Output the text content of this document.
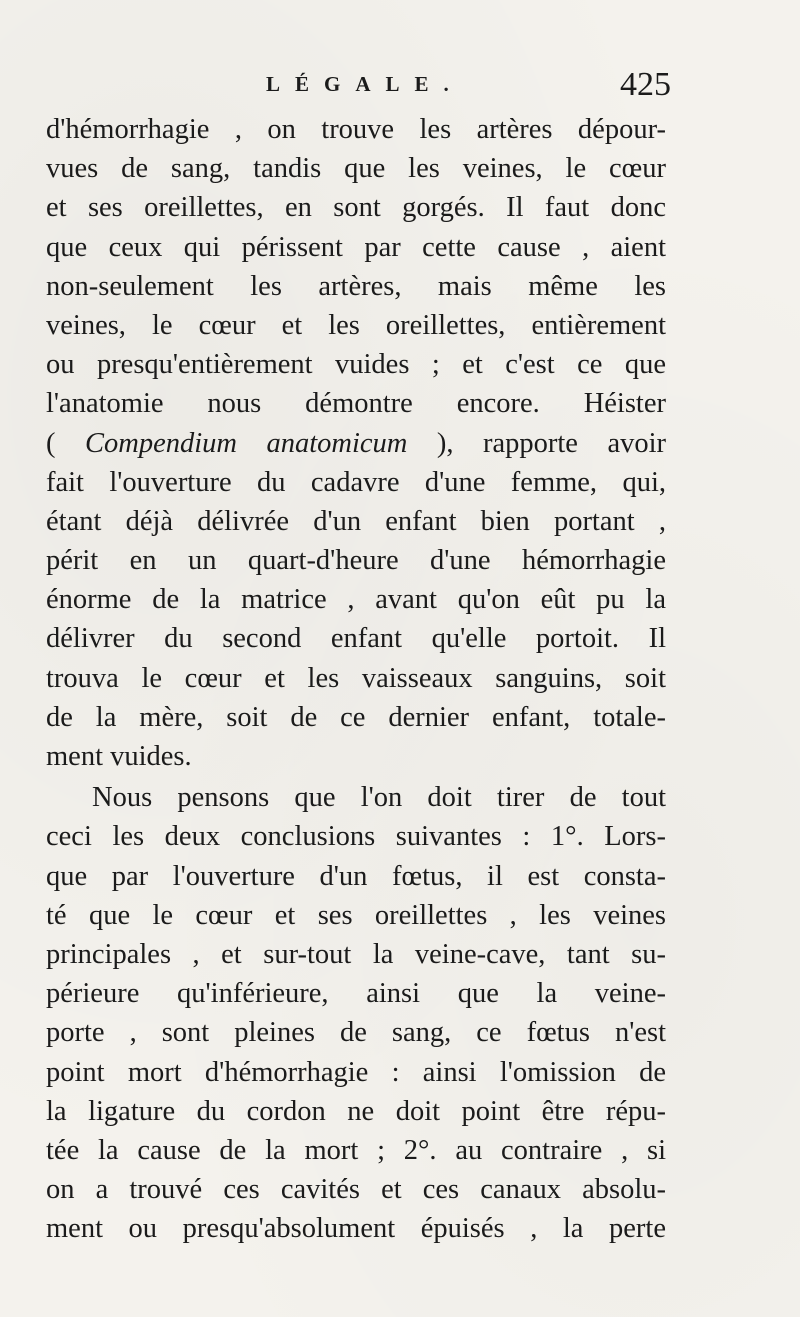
LÉGALE.	425
d'hémorrhagie , on trouve les artères dépour-
vues de sang, tandis que les veines, le cœur
et ses oreillettes, en sont gorgés. Il faut donc
que ceux qui périssent par cette cause , aient
non-seulement les artères, mais même les
veines, le cœur et les oreillettes, entièrement
ou presqu'entièrement vuides ; et c'est ce que
l'anatomie nous démontre encore. Héister
( Compendium anatomicum ), rapporte avoir
fait l'ouverture du cadavre d'une femme, qui,
étant déjà délivrée d'un enfant bien portant ,
périt en un quart-d'heure d'une hémorrhagie
énorme de la matrice , avant qu'on eût pu la
délivrer du second enfant qu'elle portoit. Il
trouva le cœur et les vaisseaux sanguins, soit
de la mère, soit de ce dernier enfant, totale-
ment vuides.
Nous pensons que l'on doit tirer de tout
ceci les deux conclusions suivantes : 1°. Lors-
que par l'ouverture d'un fœtus, il est consta-
té que le cœur et ses oreillettes , les veines
principales , et sur-tout la veine-cave, tant su-
périeure qu'inférieure, ainsi que la veine-
porte , sont pleines de sang, ce fœtus n'est
point mort d'hémorrhagie : ainsi l'omission de
la ligature du cordon ne doit point être répu-
tée la cause de la mort ; 2°. au contraire , si
on a trouvé ces cavités et ces canaux absolu-
ment ou presqu'absolument épuisés , la perte
